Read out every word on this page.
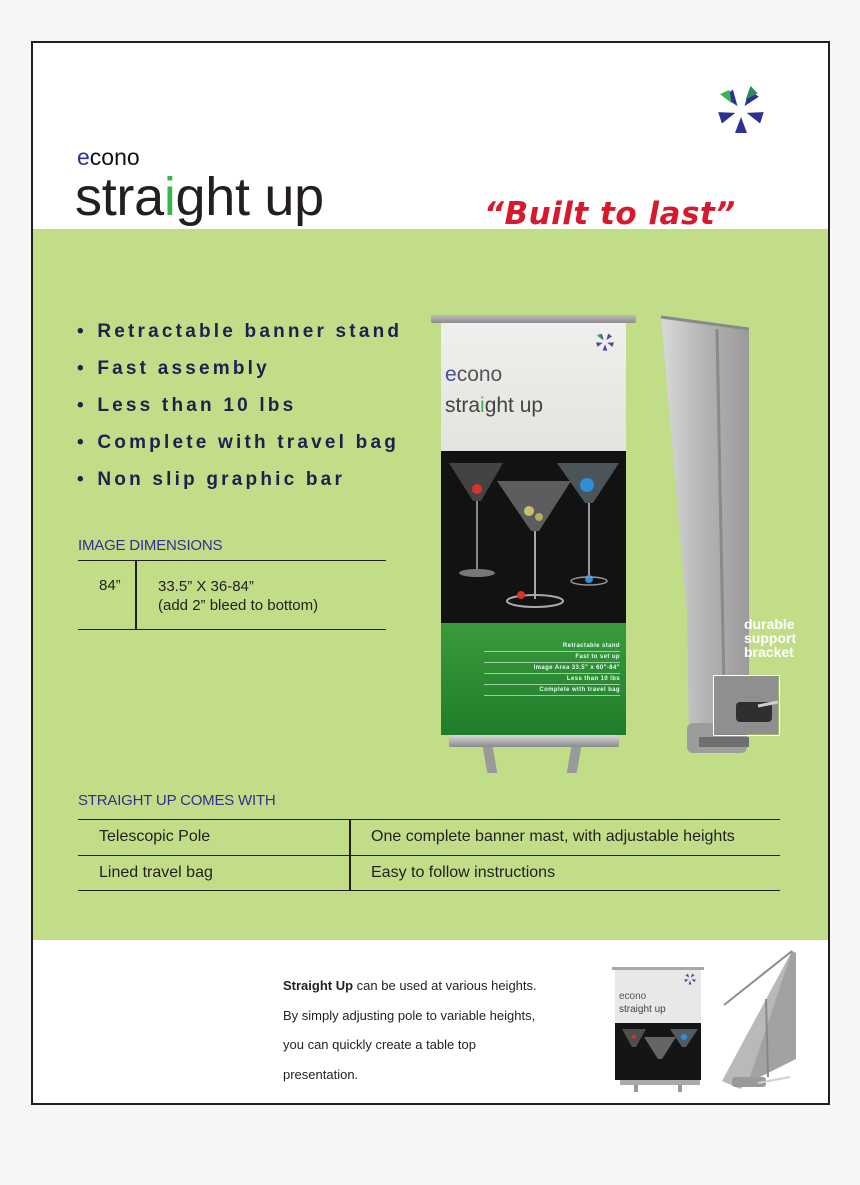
econo
straight up	“Built to last”
• Retractable banner stand
• Fast assembly
• Less than 10 lbs
• Complete with travel bag
• Non slip graphic bar
IMAGE DIMENSIONS
84” 33.5” X 36-84”
(add 2” bleed to bottom)
econo
straight up
Retractable stand
Fast to set up
Image Area 33.5" x 60"-84"
Less than 10 lbs
Complete with travel bag
durable
support
bracket
STRAIGHT UP COMES WITH
Telescopic Pole	One complete banner mast, with adjustable heights
Lined travel bag	Easy to follow instructions
Straight Up can be used at various heights. By simply adjusting pole to variable heights, you can quickly create a table top presentation.
econo
straight up
